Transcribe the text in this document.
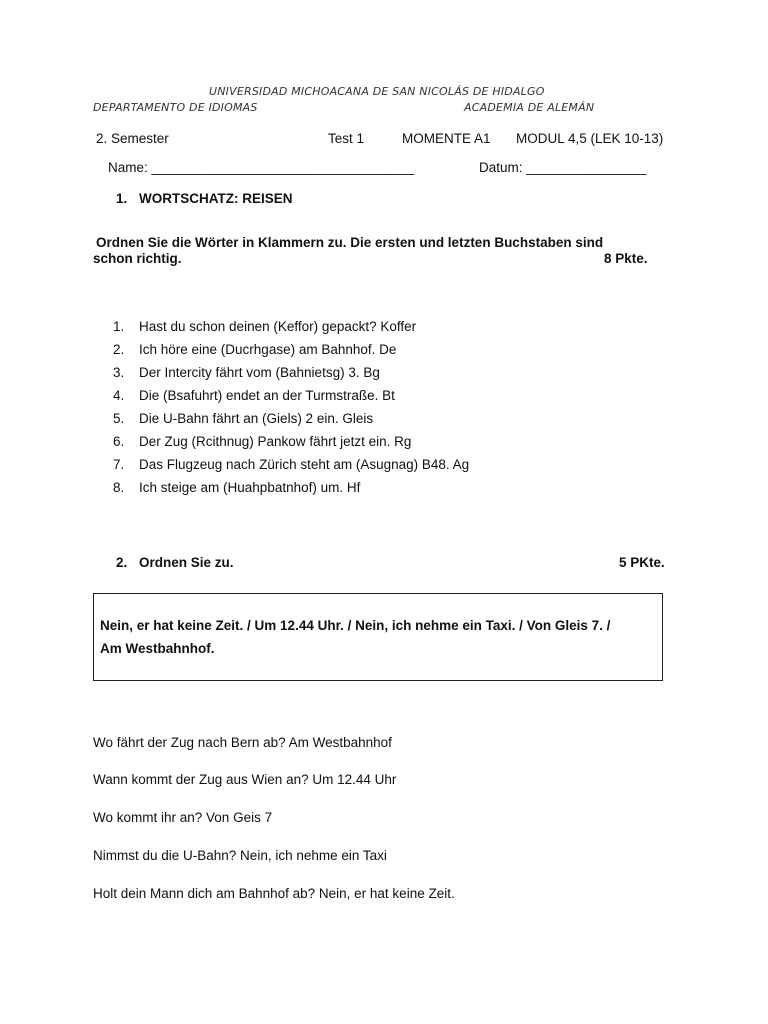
UNIVERSIDAD MICHOACANA DE SAN NICOLÁS DE HIDALGO
DEPARTAMENTO DE IDIOMAS	ACADEMIA DE ALEMÁN
2. Semester	Test 1	MOMENTE A1 MODUL 4,5 (LEK 10-13)
Name: ___________________________________	Datum: ________________
1. WORTSCHATZ: REISEN
Ordnen Sie die Wörter in Klammern zu. Die ersten und letzten Buchstaben sind
schon richtig.	8 Pkte.
1.	Hast du schon deinen (Keffor) gepackt? Koffer
2.	Ich höre eine (Ducrhgase) am Bahnhof. De
3.	Der Intercity fährt vom (Bahnietsg) 3. Bg
4.	Die (Bsafuhrt) endet an der Turmstraße. Bt
5.	Die U-Bahn fährt an (Giels) 2 ein. Gleis
6.	Der Zug (Rcithnug) Pankow fährt jetzt ein. Rg
7.	Das Flugzeug nach Zürich steht am (Asugnag) B48. Ag
8.	Ich steige am (Huahpbatnhof) um. Hf
2. Ordnen Sie zu.	5 PKte.
Nein, er hat keine Zeit. / Um 12.44 Uhr. / Nein, ich nehme ein Taxi. / Von Gleis 7. /
Am Westbahnhof.
Wo fährt der Zug nach Bern ab? Am Westbahnhof
Wann kommt der Zug aus Wien an? Um 12.44 Uhr
Wo kommt ihr an? Von Geis 7
Nimmst du die U-Bahn? Nein, ich nehme ein Taxi
Holt dein Mann dich am Bahnhof ab? Nein, er hat keine Zeit.
